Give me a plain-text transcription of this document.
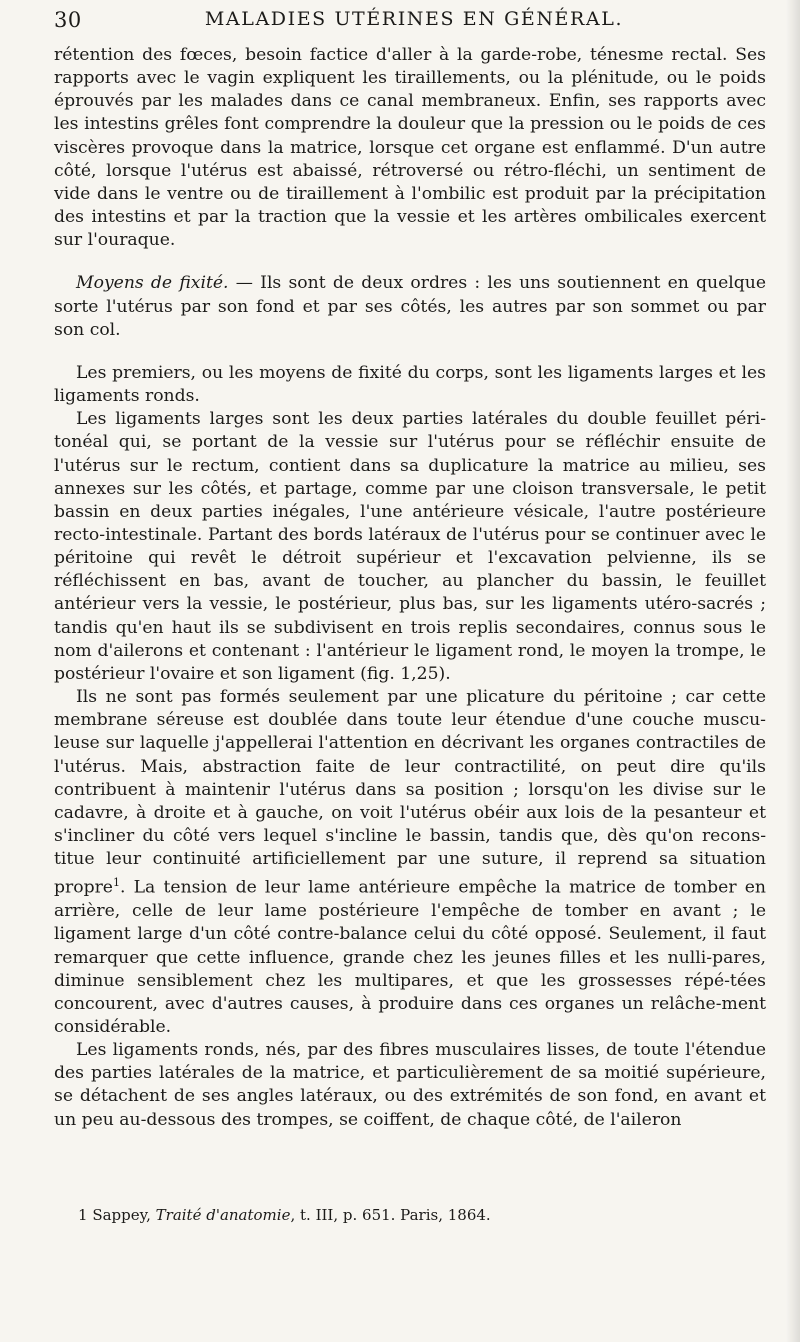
30	MALADIES UTÉRINES EN GÉNÉRAL.

rétention des fœces, besoin factice d'aller à la garde-robe, ténesme rectal. Ses rapports avec le vagin expliquent les tiraillements, ou la plénitude, ou le poids éprouvés par les malades dans ce canal membraneux. Enfin, ses rapports avec les intestins grêles font comprendre la douleur que la pression ou le poids de ces viscères provoque dans la matrice, lorsque cet organe est enflammé. D'un autre côté, lorsque l'utérus est abaissé, rétroversé ou rétro-fléchi, un sentiment de vide dans le ventre ou de tiraillement à l'ombilic est produit par la précipitation des intestins et par la traction que la vessie et les artères ombilicales exercent sur l'ouraque.

Moyens de fixité. — Ils sont de deux ordres : les uns soutiennent en quelque sorte l'utérus par son fond et par ses côtés, les autres par son sommet ou par son col.

Les premiers, ou les moyens de fixité du corps, sont les ligaments larges et les ligaments ronds.

Les ligaments larges sont les deux parties latérales du double feuillet péri-tonéal qui, se portant de la vessie sur l'utérus pour se réfléchir ensuite de l'utérus sur le rectum, contient dans sa duplicature la matrice au milieu, ses annexes sur les côtés, et partage, comme par une cloison transversale, le petit bassin en deux parties inégales, l'une antérieure vésicale, l'autre postérieure recto-intestinale. Partant des bords latéraux de l'utérus pour se continuer avec le péritoine qui revêt le détroit supérieur et l'excavation pelvienne, ils se réfléchissent en bas, avant de toucher, au plancher du bassin, le feuillet antérieur vers la vessie, le postérieur, plus bas, sur les ligaments utéro-sacrés ; tandis qu'en haut ils se subdivisent en trois replis secondaires, connus sous le nom d'ailerons et contenant : l'antérieur le ligament rond, le moyen la trompe, le postérieur l'ovaire et son ligament (fig. 1,25).

Ils ne sont pas formés seulement par une plicature du péritoine ; car cette membrane séreuse est doublée dans toute leur étendue d'une couche muscu-leuse sur laquelle j'appellerai l'attention en décrivant les organes contractiles de l'utérus. Mais, abstraction faite de leur contractilité, on peut dire qu'ils contribuent à maintenir l'utérus dans sa position ; lorsqu'on les divise sur le cadavre, à droite et à gauche, on voit l'utérus obéir aux lois de la pesanteur et s'incliner du côté vers lequel s'incline le bassin, tandis que, dès qu'on recons-titue leur continuité artificiellement par une suture, il reprend sa situation propre$^1$. La tension de leur lame antérieure empêche la matrice de tomber en arrière, celle de leur lame postérieure l'empêche de tomber en avant ; le ligament large d'un côté contre-balance celui du côté opposé. Seulement, il faut remarquer que cette influence, grande chez les jeunes filles et les nulli-pares, diminue sensiblement chez les multipares, et que les grossesses répé-tées concourent, avec d'autres causes, à produire dans ces organes un relâche-ment considérable.

Les ligaments ronds, nés, par des fibres musculaires lisses, de toute l'étendue des parties latérales de la matrice, et particulièrement de sa moitié supérieure, se détachent de ses angles latéraux, ou des extrémités de son fond, en avant et un peu au-dessous des trompes, se coiffent, de chaque côté, de l'aileron

1 Sappey, Traité d'anatomie, t. III, p. 651. Paris, 1864.
